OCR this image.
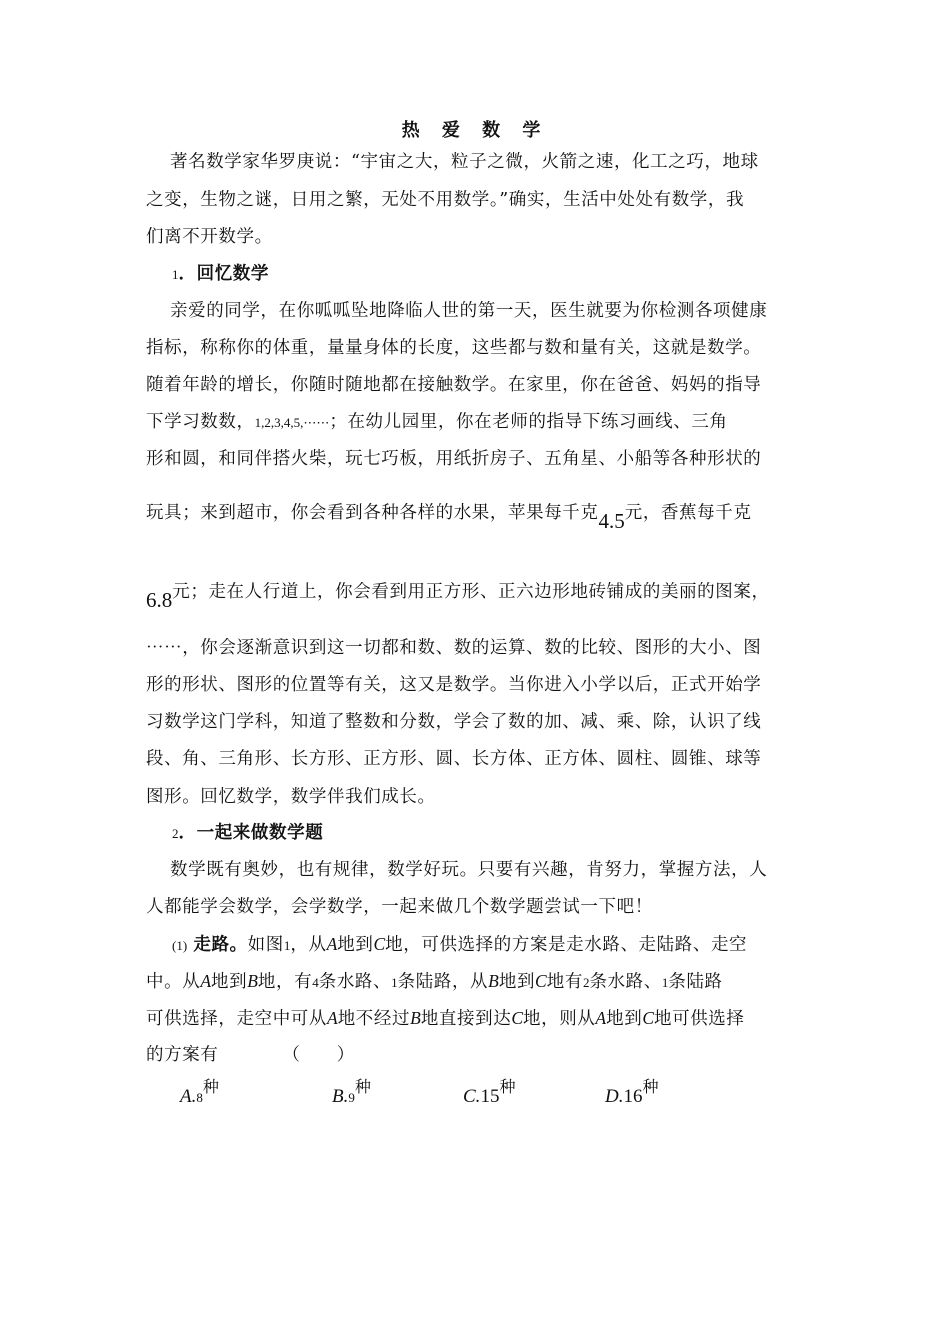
热 爱 数 学
著名数学家华罗庚说：“宇宙之大，粒子之微，火箭之速，化工之巧，地球
之变，生物之谜，日用之繁，无处不用数学。”确实，生活中处处有数学，我
们离不开数学。
1．回忆数学
亲爱的同学，在你呱呱坠地降临人世的第一天，医生就要为你检测各项健康
指标，称称你的体重，量量身体的长度，这些都与数和量有关，这就是数学。
随着年龄的增长，你随时随地都在接触数学。在家里，你在爸爸、妈妈的指导
下学习数数，1,2,3,4,5,⋯⋯；在幼儿园里，你在老师的指导下练习画线、三角
形和圆，和同伴搭火柴，玩七巧板，用纸折房子、五角星、小船等各种形状的
玩具；来到超市，你会看到各种各样的水果，苹果每千克4.5元，香蕉每千克
6.8元；走在人行道上，你会看到用正方形、正六边形地砖铺成的美丽的图案，
⋯⋯，你会逐渐意识到这一切都和数、数的运算、数的比较、图形的大小、图
形的形状、图形的位置等有关，这又是数学。当你进入小学以后，正式开始学
习数学这门学科，知道了整数和分数，学会了数的加、减、乘、除，认识了线
段、角、三角形、长方形、正方形、圆、长方体、正方体、圆柱、圆锥、球等
图形。回忆数学，数学伴我们成长。
2．一起来做数学题
数学既有奥妙，也有规律，数学好玩。只要有兴趣，肯努力，掌握方法，人
人都能学会数学，会学数学，一起来做几个数学题尝试一下吧！
(1) 走路。如图1，从A地到C地，可供选择的方案是走水路、走陆路、走空
中。从A地到B地，有4条水路、1条陆路，从B地到C地有2条水路、1条陆路
可供选择，走空中可从A地不经过B地直接到达C地，则从A地到C地可供选择
的方案有	（　　）
$A.8^种$	$B.9^种$	$C.15^种$	$D.16^种$
